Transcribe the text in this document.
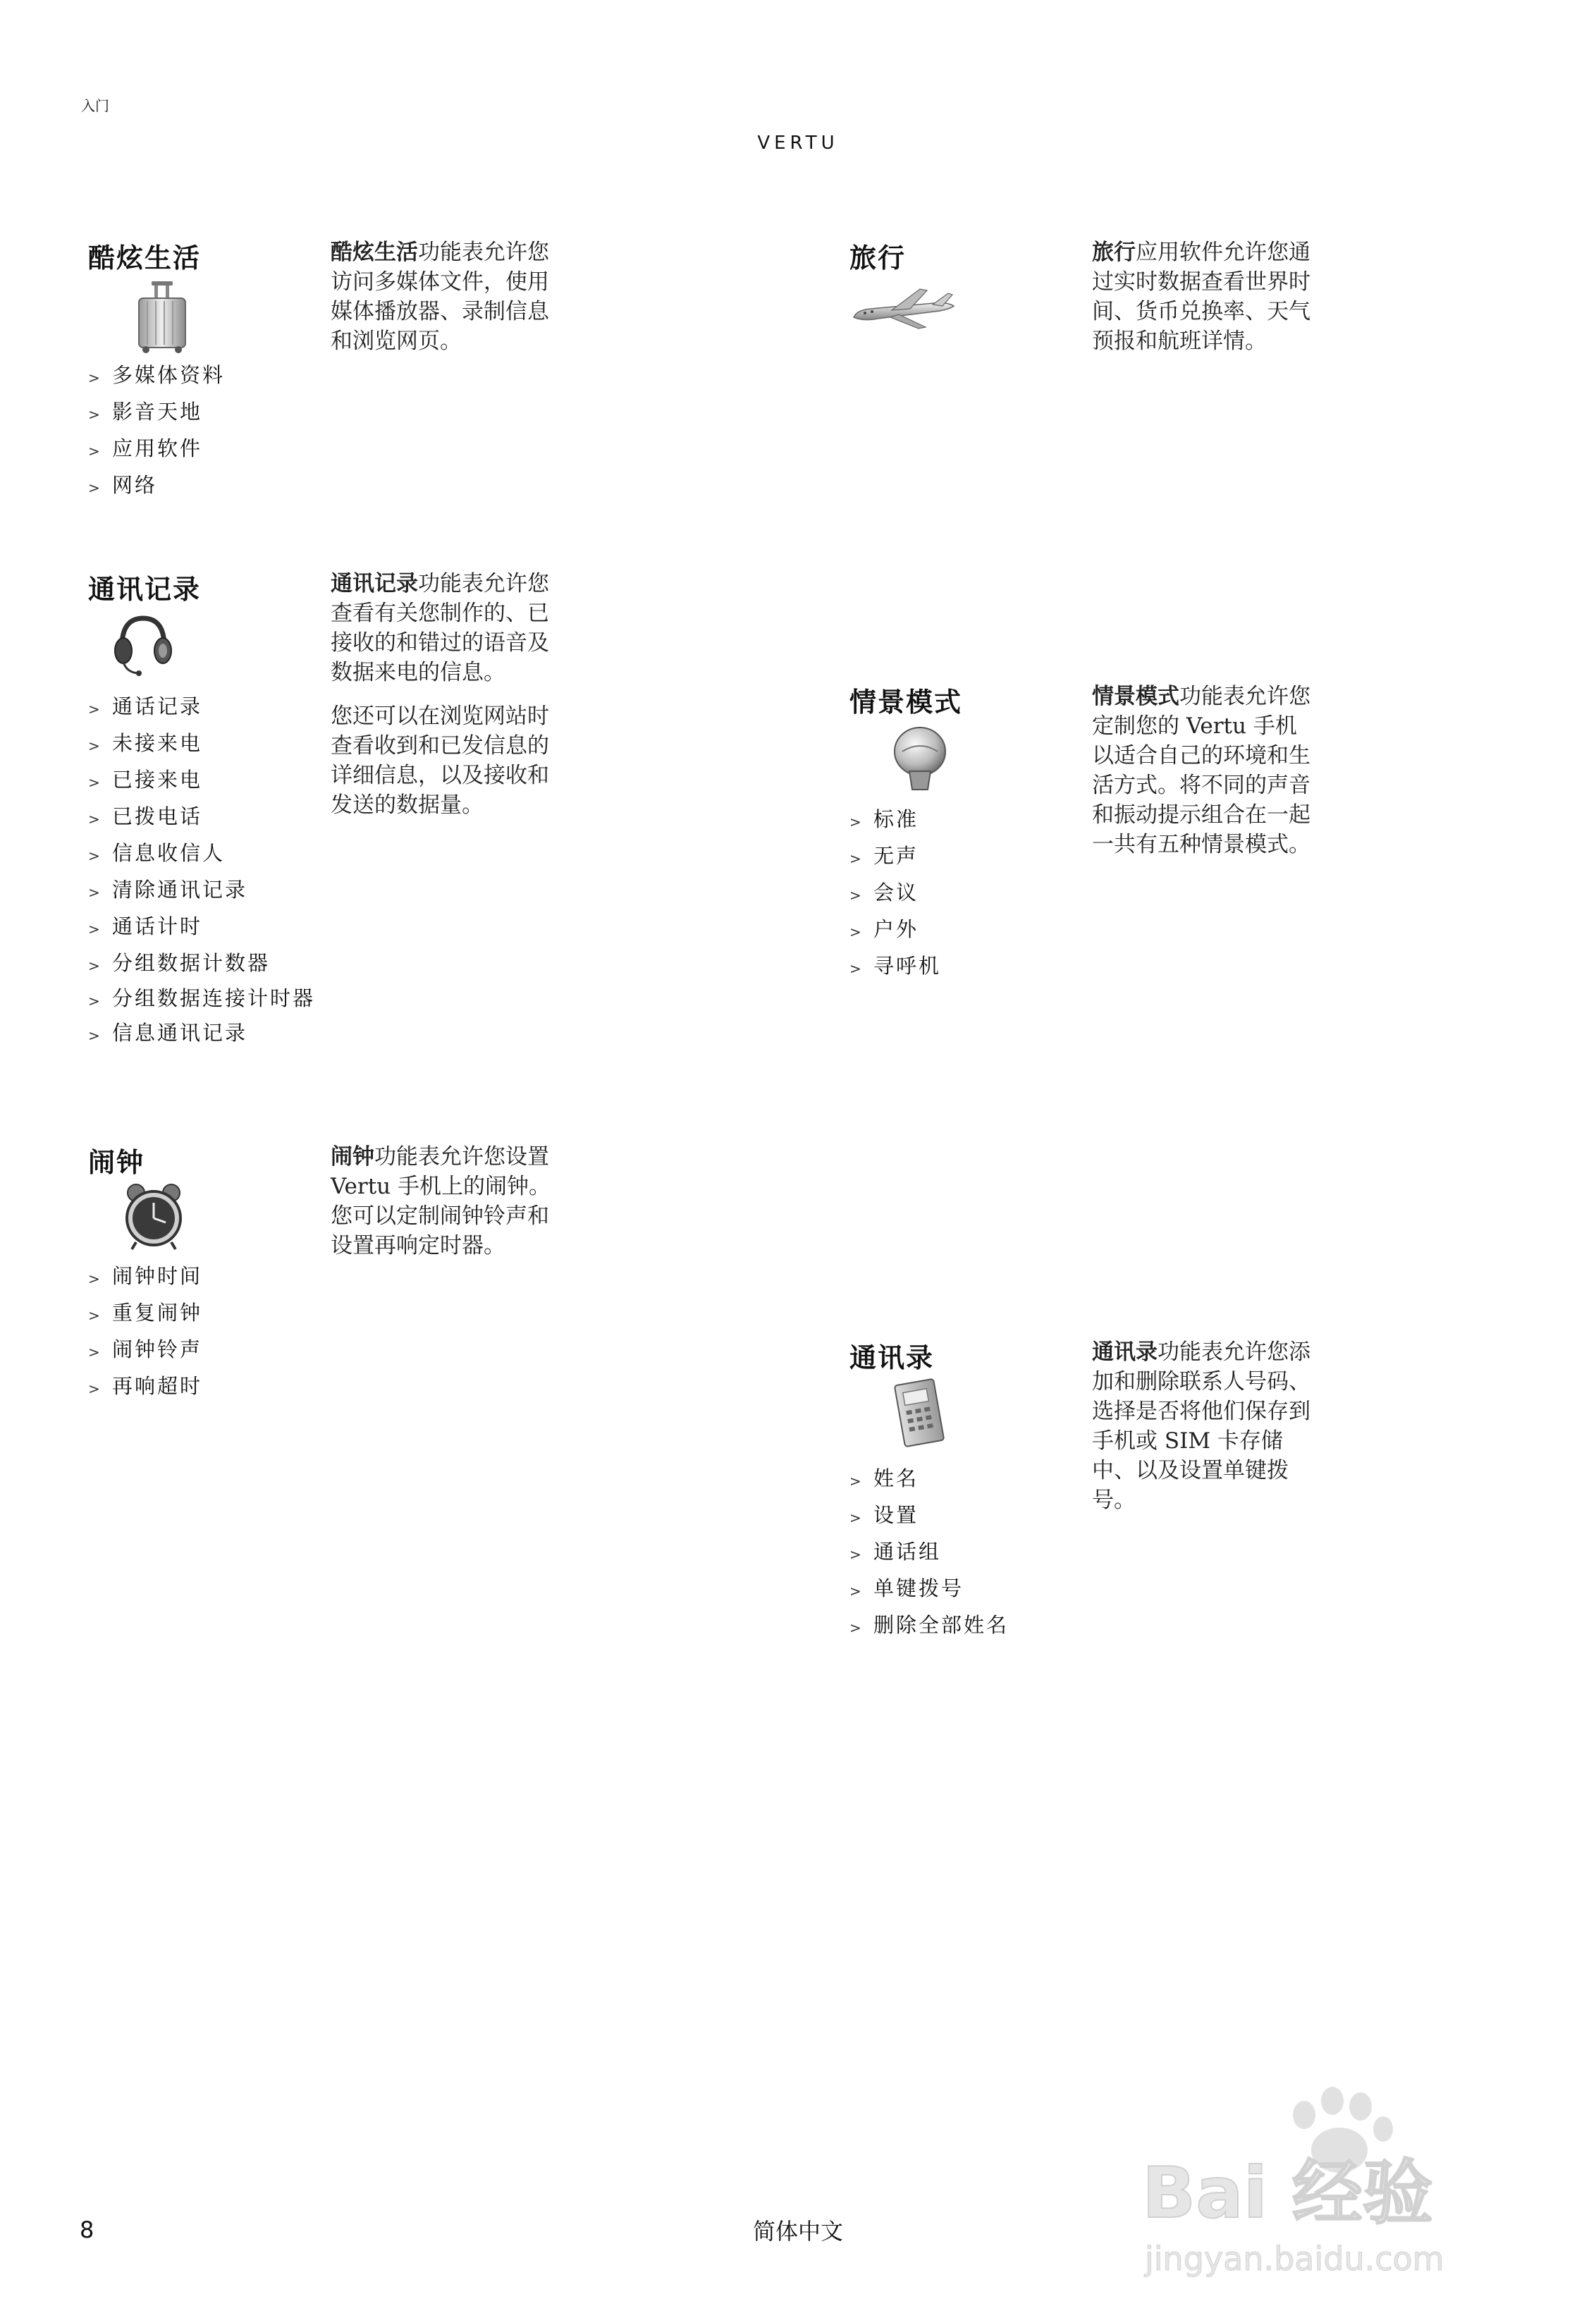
入门
VERTU
酷炫生活
> 多媒体资料
> 影音天地
> 应用软件
> 网络

酷炫生活功能表允许您访问多媒体文件，使用媒体播放器、录制信息和浏览网页。

旅行	旅行应用软件允许您通过实时数据查看世界时间、货币兑换率、天气预报和航班详情。

通讯记录
> 通话记录
> 未接来电
> 已接来电
> 已拨电话
> 信息收信人
> 清除通讯记录
> 通话计时
> 分组数据计数器
> 分组数据连接计时器
> 信息通讯记录

通讯记录功能表允许您查看有关您制作的、已接收的和错过的语音及数据来电的信息。

您还可以在浏览网站时查看收到和已发信息的详细信息，以及接收和发送的数据量。

情景模式
> 标准
> 无声
> 会议
> 户外
> 寻呼机

情景模式功能表允许您定制您的 Vertu 手机以适合自己的环境和生活方式。将不同的声音和振动提示组合在一起一共有五种情景模式。

闹钟
> 闹钟时间
> 重复闹钟
> 闹钟铃声
> 再响超时

闹钟功能表允许您设置 Vertu 手机上的闹钟。您可以定制闹钟铃声和设置再响定时器。

通讯录
> 姓名
> 设置
> 通话组
> 单键拨号
> 删除全部姓名

通讯录功能表允许您添加和删除联系人号码、选择是否将他们保存到手机或 SIM 卡存储中、以及设置单键拨号。

Bai 经验
jingyan.baidu.com
8	简体中文
